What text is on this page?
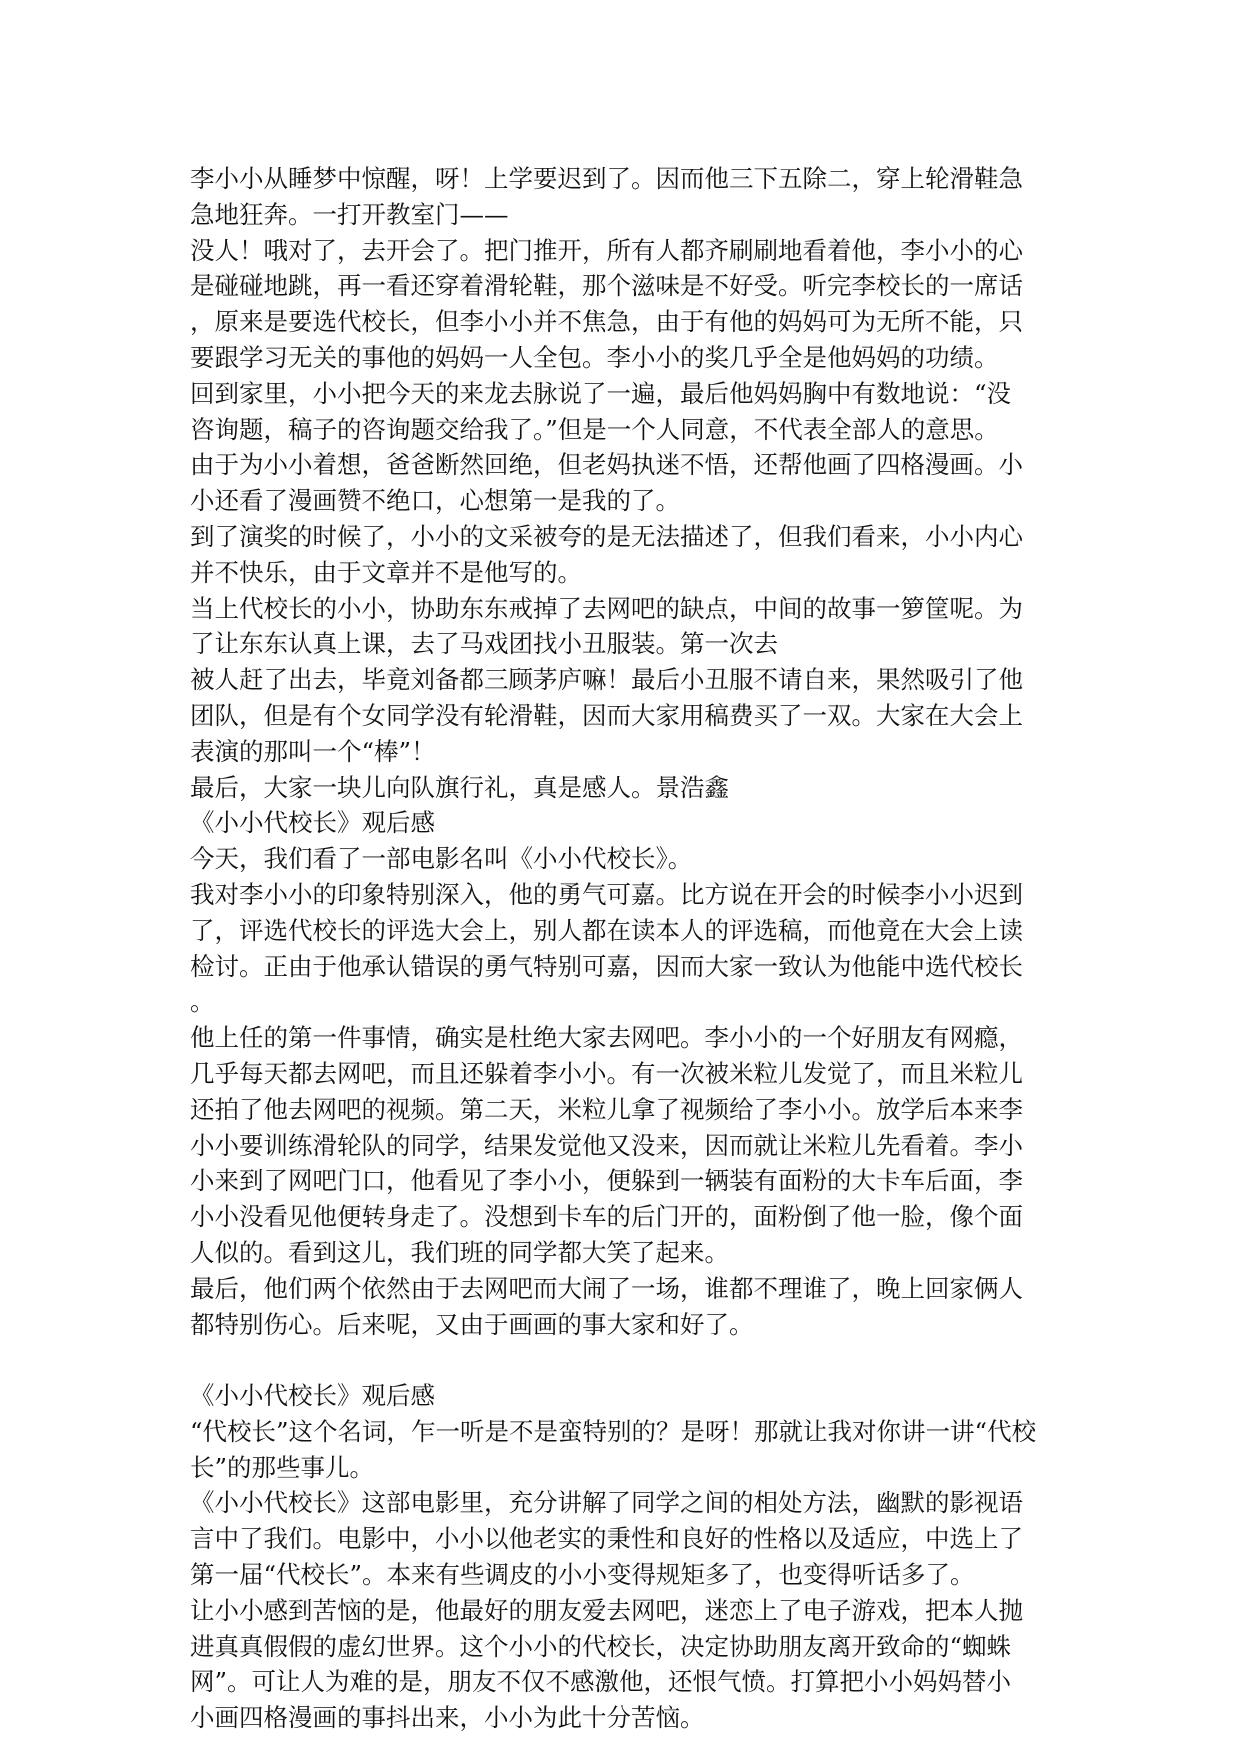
李小小从睡梦中惊醒，呀！上学要迟到了。因而他三下五除二，穿上轮滑鞋急
急地狂奔。一打开教室门——
没人！哦对了，去开会了。把门推开，所有人都齐刷刷地看着他，李小小的心
是碰碰地跳，再一看还穿着滑轮鞋，那个滋味是不好受。听完李校长的一席话
，原来是要选代校长，但李小小并不焦急，由于有他的妈妈可为无所不能，只
要跟学习无关的事他的妈妈一人全包。李小小的奖几乎全是他妈妈的功绩。
回到家里，小小把今天的来龙去脉说了一遍，最后他妈妈胸中有数地说：“没
咨询题，稿子的咨询题交给我了。”但是一个人同意，不代表全部人的意思。
由于为小小着想，爸爸断然回绝，但老妈执迷不悟，还帮他画了四格漫画。小
小还看了漫画赞不绝口，心想第一是我的了。
到了演奖的时候了，小小的文采被夸的是无法描述了，但我们看来，小小内心
并不快乐，由于文章并不是他写的。
当上代校长的小小，协助东东戒掉了去网吧的缺点，中间的故事一箩筐呢。为
了让东东认真上课，去了马戏团找小丑服装。第一次去
被人赶了出去，毕竟刘备都三顾茅庐嘛！最后小丑服不请自来，果然吸引了他
团队，但是有个女同学没有轮滑鞋，因而大家用稿费买了一双。大家在大会上
表演的那叫一个“棒”！
最后，大家一块儿向队旗行礼，真是感人。景浩鑫
《小小代校长》观后感
今天，我们看了一部电影名叫《小小代校长》。
我对李小小的印象特别深入，他的勇气可嘉。比方说在开会的时候李小小迟到
了，评选代校长的评选大会上，别人都在读本人的评选稿，而他竟在大会上读
检讨。正由于他承认错误的勇气特别可嘉，因而大家一致认为他能中选代校长
。
他上任的第一件事情，确实是杜绝大家去网吧。李小小的一个好朋友有网瘾，
几乎每天都去网吧，而且还躲着李小小。有一次被米粒儿发觉了，而且米粒儿
还拍了他去网吧的视频。第二天，米粒儿拿了视频给了李小小。放学后本来李
小小要训练滑轮队的同学，结果发觉他又没来，因而就让米粒儿先看着。李小
小来到了网吧门口，他看见了李小小，便躲到一辆装有面粉的大卡车后面，李
小小没看见他便转身走了。没想到卡车的后门开的，面粉倒了他一脸，像个面
人似的。看到这儿，我们班的同学都大笑了起来。
最后，他们两个依然由于去网吧而大闹了一场，谁都不理谁了，晚上回家俩人
都特别伤心。后来呢，又由于画画的事大家和好了。
《小小代校长》观后感
“代校长”这个名词，乍一听是不是蛮特别的？是呀！那就让我对你讲一讲“代校
长”的那些事儿。
《小小代校长》这部电影里，充分讲解了同学之间的相处方法，幽默的影视语
言中了我们。电影中，小小以他老实的秉性和良好的性格以及适应，中选上了
第一届“代校长”。本来有些调皮的小小变得规矩多了，也变得听话多了。
让小小感到苦恼的是，他最好的朋友爱去网吧，迷恋上了电子游戏，把本人抛
进真真假假的虚幻世界。这个小小的代校长，决定协助朋友离开致命的“蜘蛛
网”。可让人为难的是，朋友不仅不感激他，还恨气愤。打算把小小妈妈替小
小画四格漫画的事抖出来，小小为此十分苦恼。
